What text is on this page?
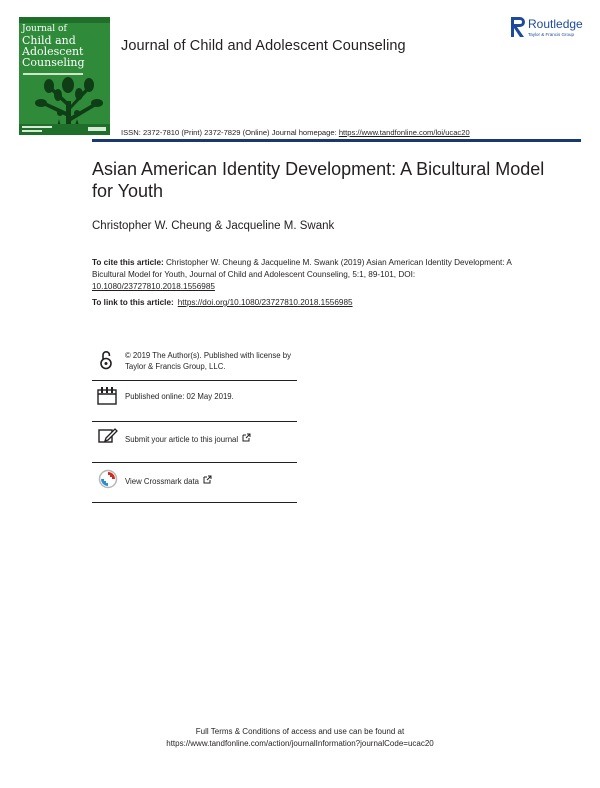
Journal of
Child and
Adolescent
Counseling
Journal of Child and Adolescent Counseling
ISSN: 2372-7810 (Print) 2372-7829 (Online) Journal homepage: https://www.tandfonline.com/loi/ucac20
Routledge
Taylor & Francis Group
Asian American Identity Development: A Bicultural Model for Youth
Christopher W. Cheung & Jacqueline M. Swank
To cite this article: Christopher W. Cheung & Jacqueline M. Swank (2019) Asian American Identity Development: A Bicultural Model for Youth, Journal of Child and Adolescent Counseling, 5:1, 89-101, DOI: 10.1080/23727810.2018.1556985
To link to this article: https://doi.org/10.1080/23727810.2018.1556985
© 2019 The Author(s). Published with license by Taylor & Francis Group, LLC.
Published online: 02 May 2019.
Submit your article to this journal
View Crossmark data
Full Terms & Conditions of access and use can be found at
https://www.tandfonline.com/action/journalInformation?journalCode=ucac20
